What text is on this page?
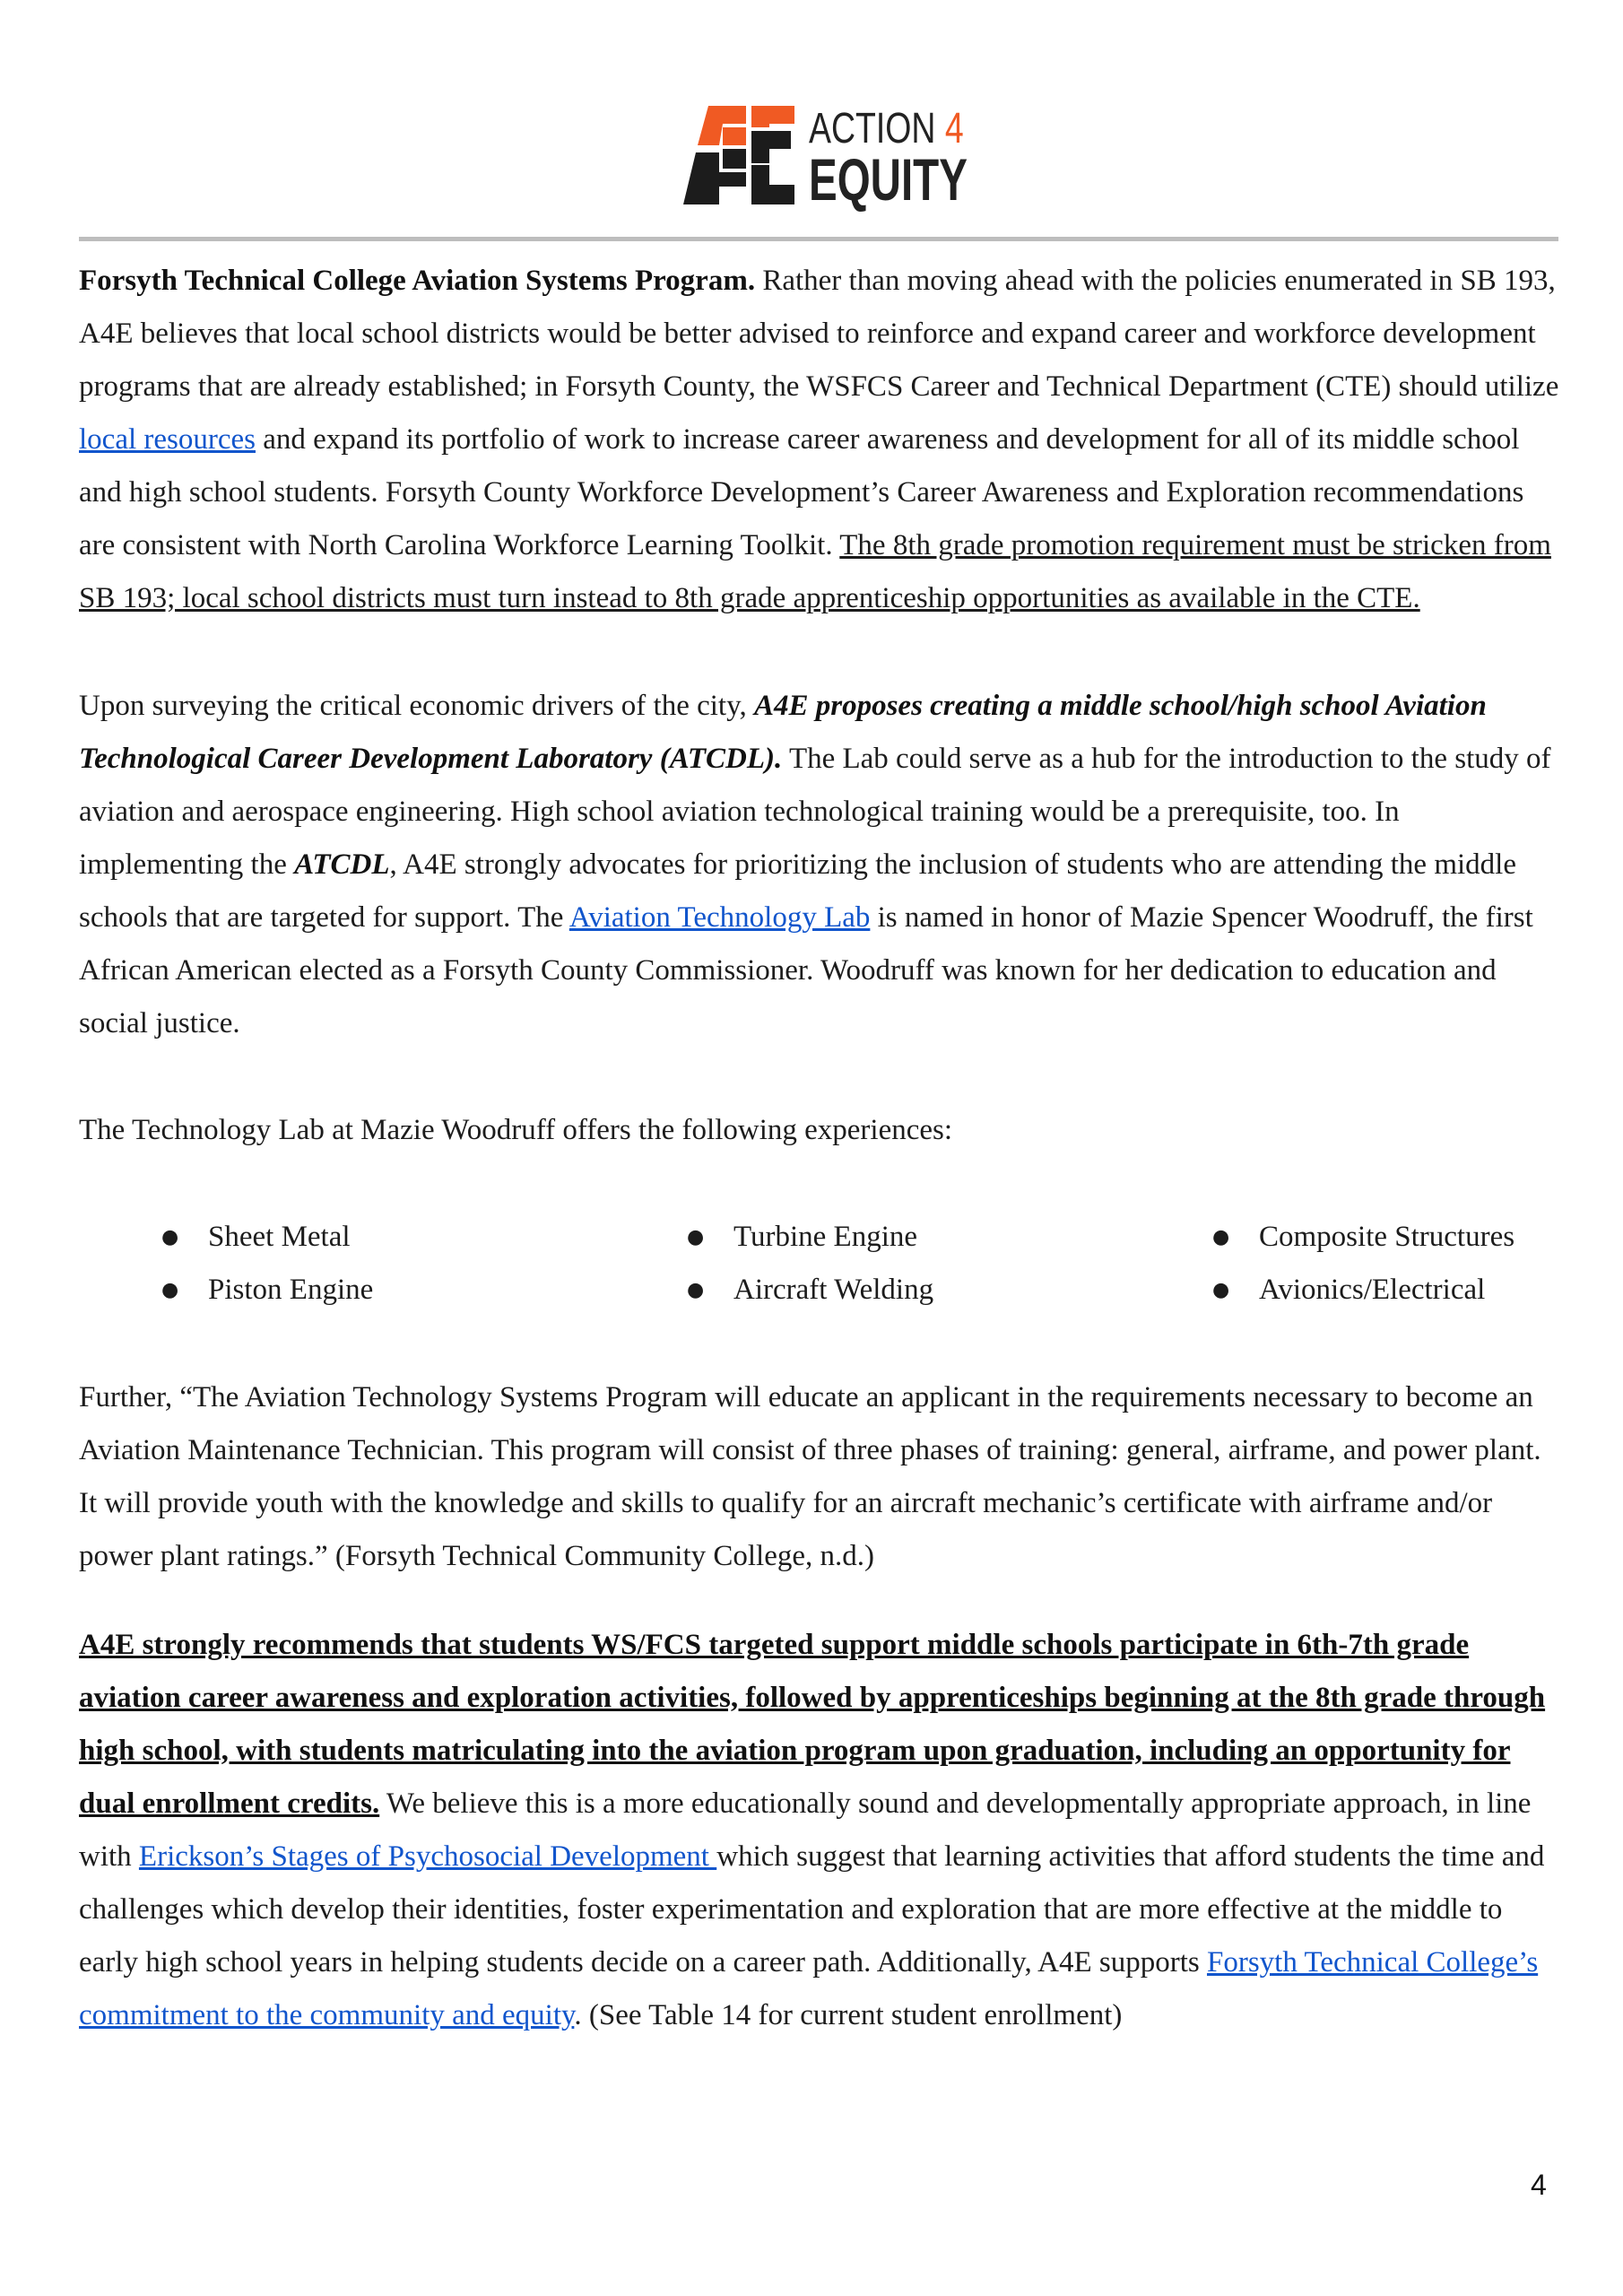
ACTION 4
EQUITY

Forsyth Technical College Aviation Systems Program. Rather than moving ahead with the policies enumerated in SB 193, A4E believes that local school districts would be better advised to reinforce and expand career and workforce development programs that are already established; in Forsyth County, the WSFCS Career and Technical Department (CTE) should utilize local resources and expand its portfolio of work to increase career awareness and development for all of its middle school and high school students. Forsyth County Workforce Development’s Career Awareness and Exploration recommendations are consistent with North Carolina Workforce Learning Toolkit. The 8th grade promotion requirement must be stricken from SB 193; local school districts must turn instead to 8th grade apprenticeship opportunities as available in the CTE.

Upon surveying the critical economic drivers of the city, A4E proposes creating a middle school/high school Aviation Technological Career Development Laboratory (ATCDL). The Lab could serve as a hub for the introduction to the study of aviation and aerospace engineering. High school aviation technological training would be a prerequisite, too. In implementing the ATCDL, A4E strongly advocates for prioritizing the inclusion of students who are attending the middle schools that are targeted for support. The Aviation Technology Lab is named in honor of Mazie Spencer Woodruff, the first African American elected as a Forsyth County Commissioner. Woodruff was known for her dedication to education and social justice.

The Technology Lab at Mazie Woodruff offers the following experiences:

● Sheet Metal	● Turbine Engine	● Composite Structures
● Piston Engine	● Aircraft Welding	● Avionics/Electrical

Further, “The Aviation Technology Systems Program will educate an applicant in the requirements necessary to become an Aviation Maintenance Technician. This program will consist of three phases of training: general, airframe, and power plant. It will provide youth with the knowledge and skills to qualify for an aircraft mechanic’s certificate with airframe and/or power plant ratings.” (Forsyth Technical Community College, n.d.)

A4E strongly recommends that students WS/FCS targeted support middle schools participate in 6th-7th grade aviation career awareness and exploration activities, followed by apprenticeships beginning at the 8th grade through high school, with students matriculating into the aviation program upon graduation, including an opportunity for dual enrollment credits. We believe this is a more educationally sound and developmentally appropriate approach, in line with Erickson’s Stages of Psychosocial Development which suggest that learning activities that afford students the time and challenges which develop their identities, foster experimentation and exploration that are more effective at the middle to early high school years in helping students decide on a career path. Additionally, A4E supports Forsyth Technical College’s commitment to the community and equity. (See Table 14 for current student enrollment)

4
